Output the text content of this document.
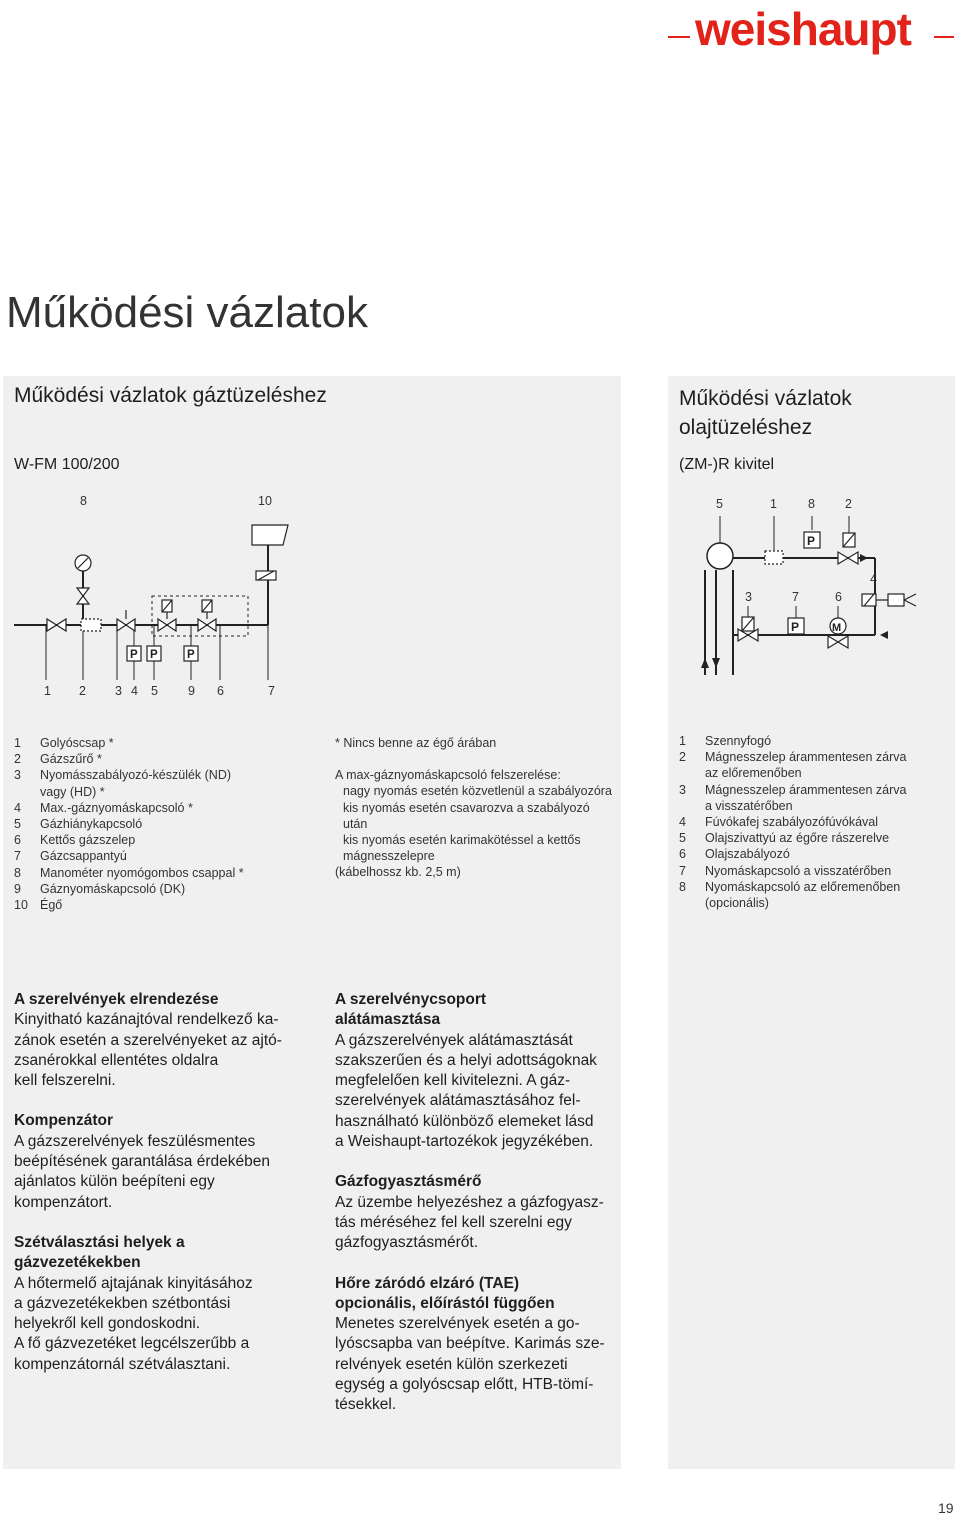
weishaupt
Működési vázlatok
Működési vázlatok gáztüzeléshez
W-FM 100/200
Működési vázlatok
olajtüzeléshez
(ZM-)R kivitel
8	10
1 2 3 4 5 9 6	7
P P	P
5	1 8 2
3	7	6
4
P
P	M
1	Golyóscsap *
2	Gázszűrő *
3	Nyomásszabályozó-készülék (ND)
vagy (HD) *
4	Max.-gáznyomáskapcsoló *
5	Gázhiánykapcsoló
6	Kettős gázszelep
7	Gázcsappantyú
8	Manométer nyomógombos csappal *
9	Gáznyomáskapcsoló (DK)
10 Égő
* Nincs benne az égő árában
A max-gáznyomáskapcsoló felszerelése:
nagy nyomás esetén közvetlenül a szabályozóra
kis nyomás esetén csavarozva a szabályozó után
kis nyomás esetén karimakötéssel a kettős
mágnesszelepre
(kábelhossz kb. 2,5 m)
1	Szennyfogó
2	Mágnesszelep árammentesen zárva
az előremenőben
3	Mágnesszelep árammentesen zárva
a visszatérőben
4	Fúvókafej szabályozófúvókával
5	Olajszivattyú az égőre rászerelve
6	Olajszabályozó
7	Nyomáskapcsoló a visszatérőben
8	Nyomáskapcsoló az előremenőben
(opcionális)
A szerelvények elrendezése

Kinyitható kazánajtóval rendelkező ka-

zánok esetén a szerelvényeket az ajtó-

zsanérokkal ellentétes oldalra

kell felszerelni.

Kompenzátor

A gázszerelvények feszülésmentes

beépítésének garantálása érdekében

ajánlatos külön beépíteni egy

kompenzátort.

Szétválasztási helyek a
gázvezetékekben

A hőtermelő ajtajának kinyitásához

a gázvezetékekben szétbontási

helyekről kell gondoskodni.

A fő gázvezetéket legcélszerűbb a

kompenzátornál szétválasztani.

A szerelvénycsoport
alátámasztása

A gázszerelvények alátámasztását

szakszerűen és a helyi adottságoknak

megfelelően kell kivitelezni. A gáz-

szerelvények alátámasztásához fel-

használható különböző elemeket lásd

a Weishaupt-tartozékok jegyzékében.

Gázfogyasztásmérő

Az üzembe helyezéshez a gázfogyasz-

tás méréséhez fel kell szerelni egy

gázfogyasztásmérőt.

Hőre záródó elzáró (TAE)
opcionális, előírástól függően

Menetes szerelvények esetén a go-

lyóscsapba van beépítve. Karimás sze-

relvények esetén külön szerkezeti

egység a golyóscsap előtt, HTB-tömí-

tésekkel.

19
